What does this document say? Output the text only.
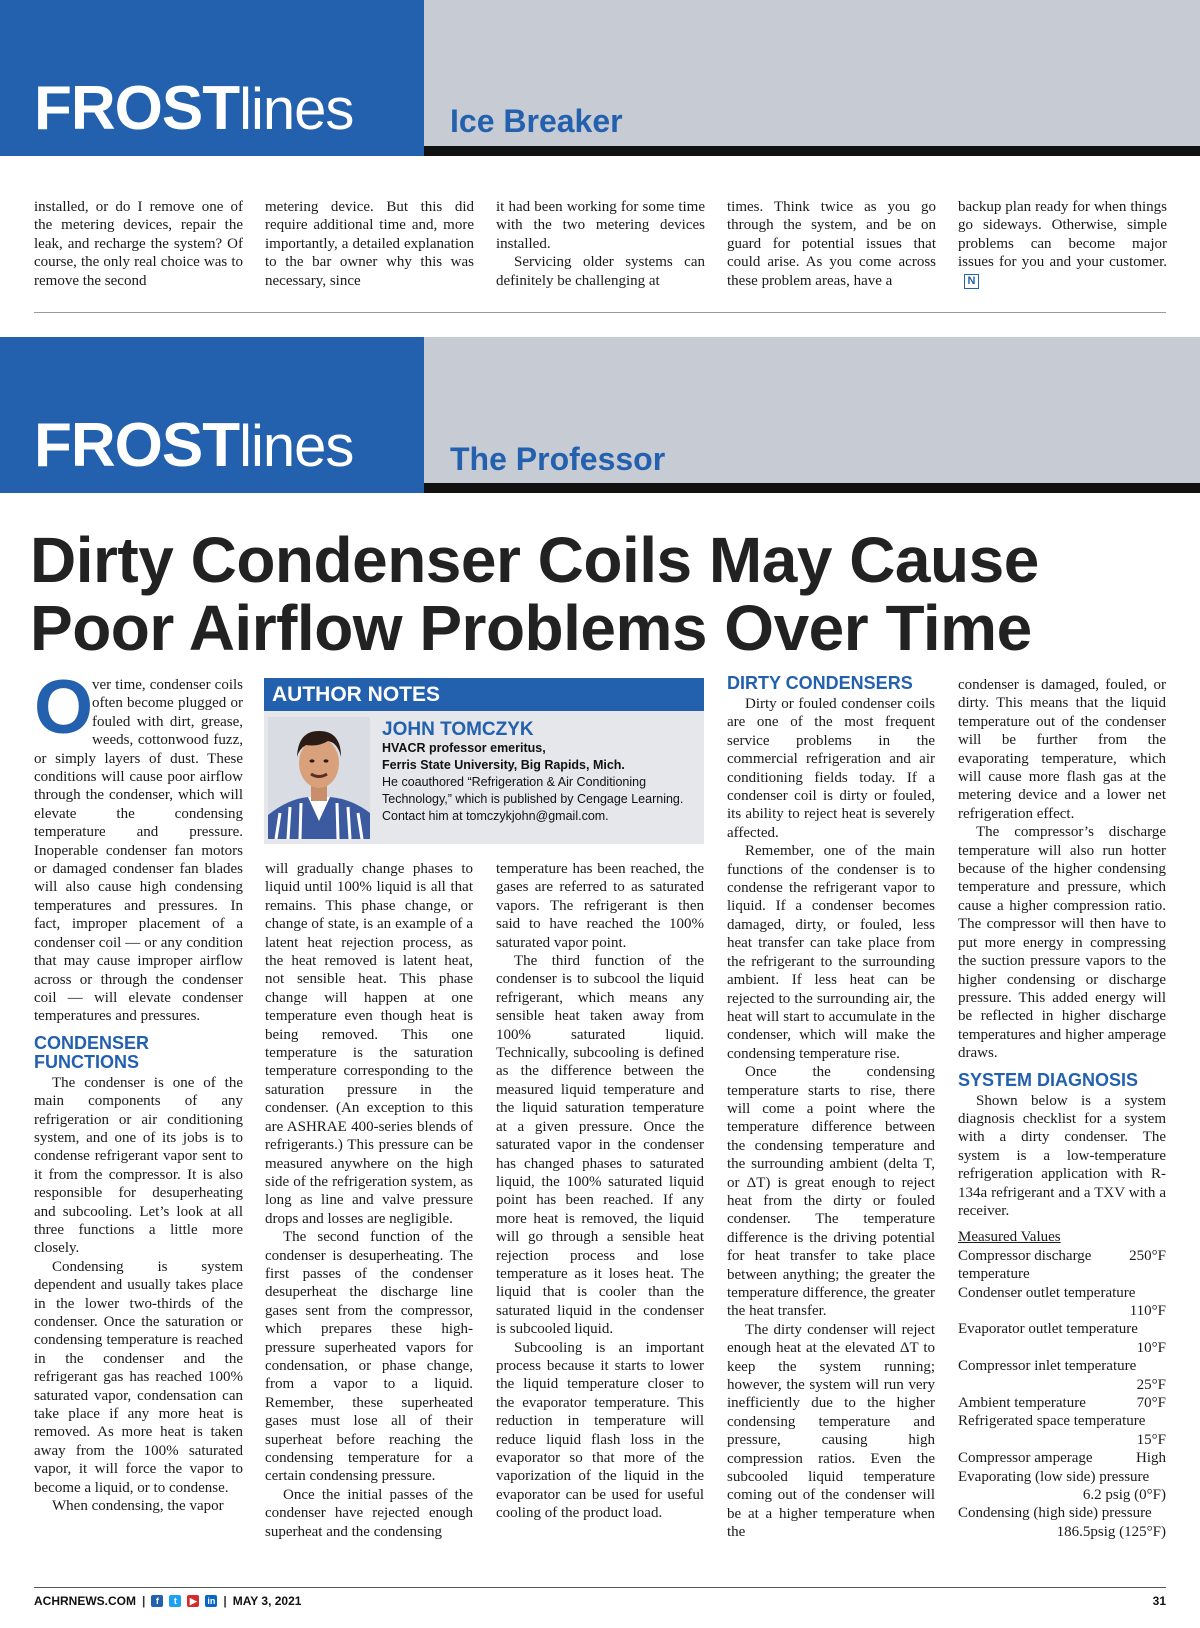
FROSTlines	Ice Breaker

installed, or do I remove one of the metering devices, repair the leak, and recharge the system? Of course, the only real choice was to remove the second

metering device. But this did require additional time and, more importantly, a detailed explanation to the bar owner why this was necessary, since

it had been working for some time with the two metering devices installed.

Servicing older systems can definitely be challenging at

times. Think twice as you go through the system, and be on guard for potential issues that could arise. As you come across these problem areas, have a

backup plan ready for when things go sideways. Otherwise, simple problems can become major issues for you and your customer.N

FROSTlines	The Professor
Dirty Condenser Coils May Cause Poor Airflow Problems Over Time

O
ver time, condenser coils often become plugged or fouled with dirt, grease, weeds, cottonwood fuzz, or simply layers of dust. These conditions will cause poor airflow through the condenser, which will elevate the condensing temperature and pressure. Inoperable condenser fan motors or damaged condenser fan blades will also cause high condensing temperatures and pressures. In fact, improper placement of a condenser coil — or any condition that may cause improper airflow across or through the condenser coil — will elevate condenser temperatures and pressures.

CONDENSER FUNCTIONS

The condenser is one of the main components of any refrigeration or air conditioning system, and one of its jobs is to condense refrigerant vapor sent to it from the compressor. It is also responsible for desuperheating and subcooling. Let’s look at all three functions a little more closely.

Condensing is system dependent and usually takes place in the lower two-thirds of the condenser. Once the saturation or condensing temperature is reached in the condenser and the refrigerant gas has reached 100% saturated vapor, condensation can take place if any more heat is removed. As more heat is taken away from the 100% saturated vapor, it will force the vapor to become a liquid, or to condense.

When condensing, the vapor

AUTHOR NOTES
JOHN TOMCZYK
HVACR professor emeritus,
Ferris State University, Big Rapids, Mich.
He coauthored “Refrigeration & Air Conditioning Technology,” which is published by Cengage Learning. Contact him at tomczykjohn@gmail.com.

will gradually change phases to liquid until 100% liquid is all that remains. This phase change, or change of state, is an example of a latent heat rejection process, as the heat removed is latent heat, not sensible heat. This phase change will happen at one temperature even though heat is being removed. This one temperature is the saturation temperature corresponding to the saturation pressure in the condenser. (An exception to this are ASHRAE 400-series blends of refrigerants.) This pressure can be measured anywhere on the high side of the refrigeration system, as long as line and valve pressure drops and losses are negligible.

The second function of the condenser is desuperheating. The first passes of the condenser desuperheat the discharge line gases sent from the compressor, which prepares these high-pressure superheated vapors for condensation, or phase change, from a vapor to a liquid. Remember, these superheated gases must lose all of their superheat before reaching the condensing temperature for a certain condensing pressure.

Once the initial passes of the condenser have rejected enough superheat and the condensing

temperature has been reached, the gases are referred to as saturated vapors. The refrigerant is then said to have reached the 100% saturated vapor point.

The third function of the condenser is to subcool the liquid refrigerant, which means any sensible heat taken away from 100% saturated liquid. Technically, subcooling is defined as the difference between the measured liquid temperature and the liquid saturation temperature at a given pressure. Once the saturated vapor in the condenser has changed phases to saturated liquid, the 100% saturated liquid point has been reached. If any more heat is removed, the liquid will go through a sensible heat rejection process and lose temperature as it loses heat. The liquid that is cooler than the saturated liquid in the condenser is subcooled liquid.

Subcooling is an important process because it starts to lower the liquid temperature closer to the evaporator temperature. This reduction in temperature will reduce liquid flash loss in the evaporator so that more of the vaporization of the liquid in the evaporator can be used for useful cooling of the product load.

DIRTY CONDENSERS

Dirty or fouled condenser coils are one of the most frequent service problems in the commercial refrigeration and air conditioning fields today. If a condenser coil is dirty or fouled, its ability to reject heat is severely affected.

Remember, one of the main functions of the condenser is to condense the refrigerant vapor to liquid. If a condenser becomes damaged, dirty, or fouled, less heat transfer can take place from the refrigerant to the surrounding ambient. If less heat can be rejected to the surrounding air, the heat will start to accumulate in the condenser, which will make the condensing temperature rise.

Once the condensing temperature starts to rise, there will come a point where the temperature difference between the condensing temperature and the surrounding ambient (delta T, or ΔT) is great enough to reject heat from the dirty or fouled condenser. The temperature difference is the driving potential for heat transfer to take place between anything; the greater the temperature difference, the greater the heat transfer.

The dirty condenser will reject enough heat at the elevated ΔT to keep the system running; however, the system will run very inefficiently due to the higher condensing temperature and pressure, causing high compression ratios. Even the subcooled liquid temperature coming out of the condenser will be at a higher temperature when the

condenser is damaged, fouled, or dirty. This means that the liquid temperature out of the condenser will be further from the evaporating temperature, which will cause more flash gas at the metering device and a lower net refrigeration effect.

The compressor’s discharge temperature will also run hotter because of the higher condensing temperature and pressure, which cause a higher compression ratio. The compressor will then have to put more energy in compressing the suction pressure vapors to the higher condensing or discharge pressure. This added energy will be reflected in higher discharge temperatures and higher amperage draws.

SYSTEM DIAGNOSIS

Shown below is a system diagnosis checklist for a system with a dirty condenser. The system is a low-temperature refrigeration application with R-134a refrigerant and a TXV with a receiver.

Measured Values
Compressor discharge temperature
250°F
Condenser outlet temperature
110°F
Evaporator outlet temperature
10°F
Compressor inlet temperature
25°F
Ambient temperature	70°F
Refrigerated space temperature
15°F
Compressor amperage	High
Evaporating (low side) pressure
6.2 psig (0°F)
Condensing (high side) pressure
186.5psig (125°F)
ACHRNEWS.COM |	f	t	▶ in | MAY 3, 2021	31
